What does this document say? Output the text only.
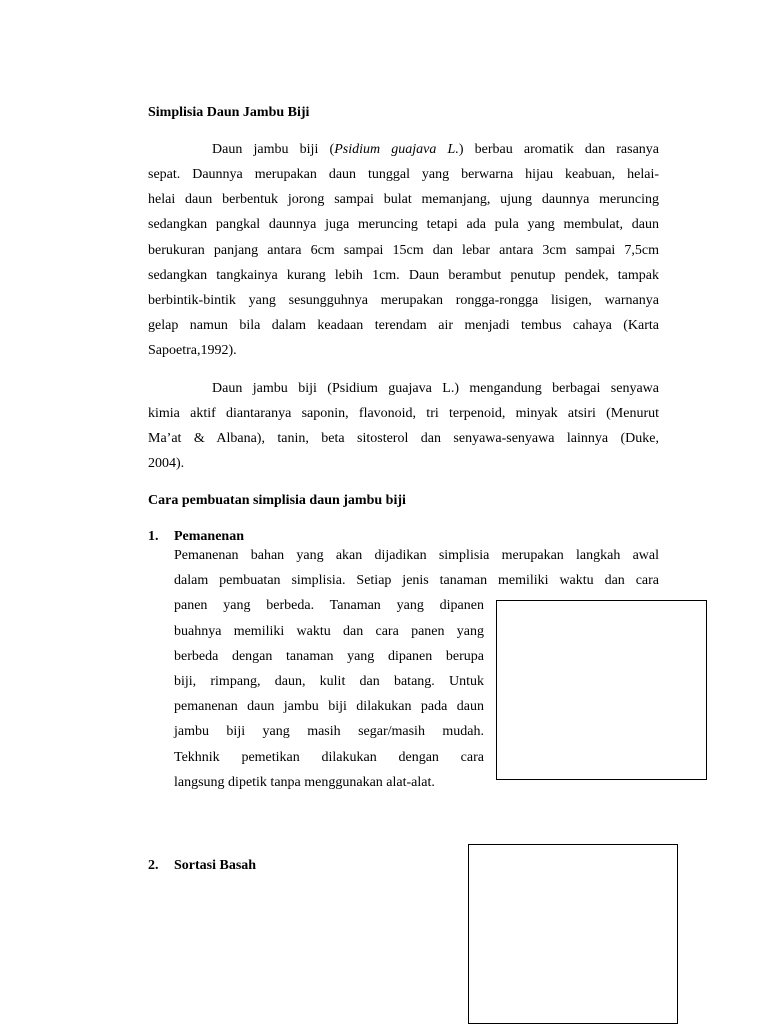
Simplisia Daun Jambu Biji
Daun jambu biji (Psidium guajava L.) berbau aromatik dan rasanya
sepat. Daunnya merupakan daun tunggal yang berwarna hijau keabuan, helai-
helai daun berbentuk jorong sampai bulat memanjang, ujung daunnya meruncing
sedangkan pangkal daunnya juga meruncing tetapi ada pula yang membulat, daun
berukuran panjang antara 6cm sampai 15cm dan lebar antara 3cm sampai 7,5cm
sedangkan tangkainya kurang lebih 1cm. Daun berambut penutup pendek, tampak
berbintik-bintik yang sesungguhnya merupakan rongga-rongga lisigen, warnanya
gelap namun bila dalam keadaan terendam air menjadi tembus cahaya (Karta
Sapoetra,1992).
Daun jambu biji (Psidium guajava L.) mengandung berbagai senyawa
kimia aktif diantaranya saponin, flavonoid, tri terpenoid, minyak atsiri (Menurut
Ma’at & Albana), tanin, beta sitosterol dan senyawa-senyawa lainnya (Duke,
2004).
Cara pembuatan simplisia daun jambu biji
1. Pemanenan
Pemanenan bahan yang akan dijadikan simplisia merupakan langkah awal
dalam pembuatan simplisia. Setiap jenis tanaman memiliki waktu dan cara
panen yang berbeda. Tanaman yang dipanen
buahnya memiliki waktu dan cara panen yang
berbeda dengan tanaman yang dipanen berupa
biji, rimpang, daun, kulit dan batang. Untuk
pemanenan daun jambu biji dilakukan pada daun
jambu biji yang masih segar/masih mudah.
Tekhnik pemetikan dilakukan dengan cara
langsung dipetik tanpa menggunakan alat-alat.
2. Sortasi Basah
